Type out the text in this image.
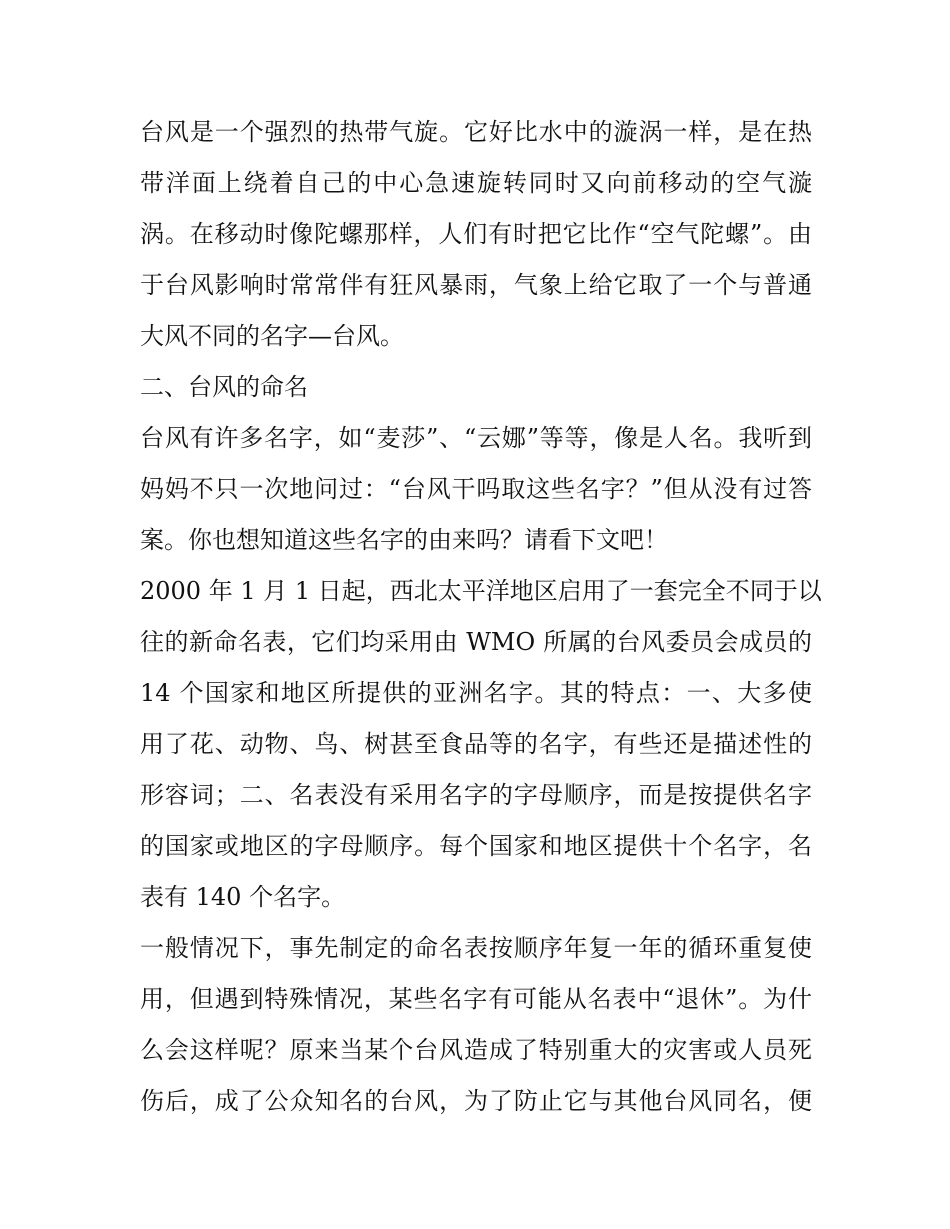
台风是一个强烈的热带气旋。它好比水中的漩涡一样，是在热
带洋面上绕着自己的中心急速旋转同时又向前移动的空气漩
涡。在移动时像陀螺那样，人们有时把它比作“空气陀螺”。由
于台风影响时常常伴有狂风暴雨，气象上给它取了一个与普通
大风不同的名字—台风。
二、台风的命名
台风有许多名字，如“麦莎”、“云娜”等等，像是人名。我听到
妈妈不只一次地问过：“台风干吗取这些名字？”但从没有过答
案。你也想知道这些名字的由来吗？请看下文吧！
2000 年 1 月 1 日起，西北太平洋地区启用了一套完全不同于以
往的新命名表，它们均采用由 WMO 所属的台风委员会成员的
14 个国家和地区所提供的亚洲名字。其的特点：一、大多使
用了花、动物、鸟、树甚至食品等的名字，有些还是描述性的
形容词；二、名表没有采用名字的字母顺序，而是按提供名字
的国家或地区的字母顺序。每个国家和地区提供十个名字，名
表有 140 个名字。
一般情况下，事先制定的命名表按顺序年复一年的循环重复使
用，但遇到特殊情况，某些名字有可能从名表中“退休”。为什
么会这样呢？原来当某个台风造成了特别重大的灾害或人员死
伤后，成了公众知名的台风，为了防止它与其他台风同名，便
